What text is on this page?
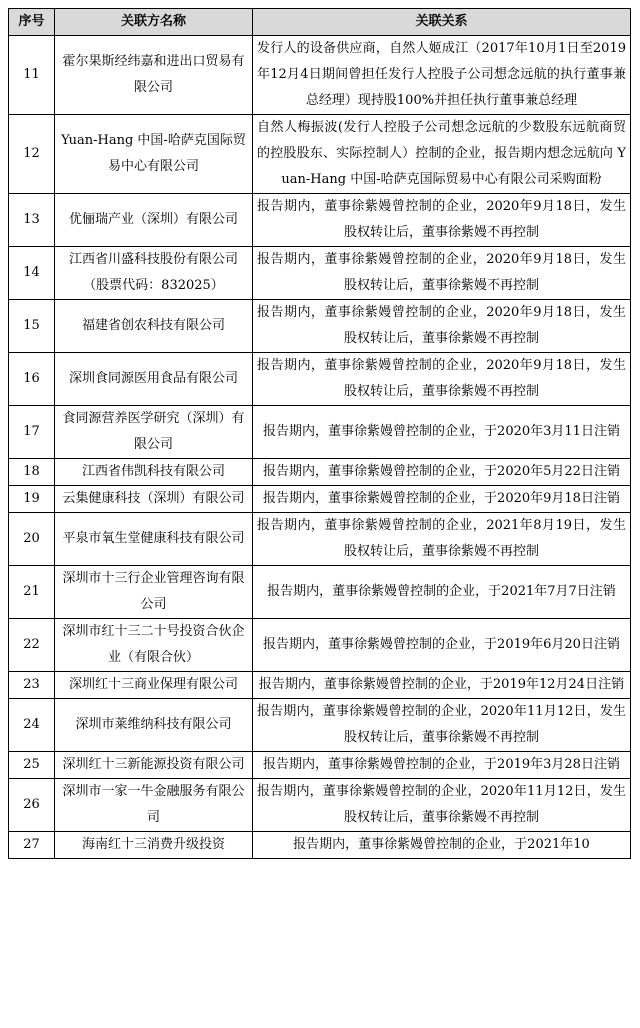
序号	关联方名称	关联关系
11	霍尔果斯经纬嘉和进出口贸易有限公司	发行人的设备供应商，自然人姬成江（2017年10月1日至2019年12月4日期间曾担任发行人控股子公司想念远航的执行董事兼总经理）现持股100%并担任执行董事兼总经理
12	Yuan-Hang 中国-哈萨克国际贸易中心有限公司	自然人梅振波(发行人控股子公司想念远航的少数股东远航商贸的控股股东、实际控制人）控制的企业，报告期内想念远航向 Yuan-Hang 中国-哈萨克国际贸易中心有限公司采购面粉
13	优俪瑞产业（深圳）有限公司	报告期内，董事徐紫嫚曾控制的企业，2020年9月18日，发生股权转让后，董事徐紫嫚不再控制
14	江西省川盛科技股份有限公司（股票代码：832025）	报告期内，董事徐紫嫚曾控制的企业，2020年9月18日，发生股权转让后，董事徐紫嫚不再控制
15	福建省创农科技有限公司	报告期内，董事徐紫嫚曾控制的企业，2020年9月18日，发生股权转让后，董事徐紫嫚不再控制
16	深圳食同源医用食品有限公司	报告期内，董事徐紫嫚曾控制的企业，2020年9月18日，发生股权转让后，董事徐紫嫚不再控制
17	食同源营养医学研究（深圳）有限公司	报告期内，董事徐紫嫚曾控制的企业，于2020年3月11日注销
18	江西省伟凯科技有限公司	报告期内，董事徐紫嫚曾控制的企业，于2020年5月22日注销
19	云集健康科技（深圳）有限公司	报告期内，董事徐紫嫚曾控制的企业，于2020年9月18日注销
20	平泉市氧生堂健康科技有限公司	报告期内，董事徐紫嫚曾控制的企业，2021年8月19日，发生股权转让后，董事徐紫嫚不再控制
21	深圳市十三行企业管理咨询有限公司	报告期内，董事徐紫嫚曾控制的企业，于2021年7月7日注销
22	深圳市红十三二十号投资合伙企业（有限合伙）	报告期内，董事徐紫嫚曾控制的企业，于2019年6月20日注销
23	深圳红十三商业保理有限公司	报告期内，董事徐紫嫚曾控制的企业，于2019年12月24日注销
24	深圳市莱维纳科技有限公司	报告期内，董事徐紫嫚曾控制的企业，2020年11月12日，发生股权转让后，董事徐紫嫚不再控制
25	深圳红十三新能源投资有限公司	报告期内，董事徐紫嫚曾控制的企业，于2019年3月28日注销
26	深圳市一家一牛金融服务有限公司	报告期内，董事徐紫嫚曾控制的企业，2020年11月12日，发生股权转让后，董事徐紫嫚不再控制
27	海南红十三消费升级投资	报告期内，董事徐紫嫚曾控制的企业，于2021年10
